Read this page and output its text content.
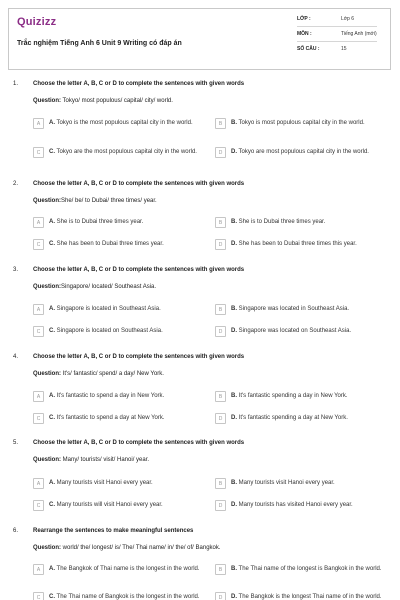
Quizizz
Trắc nghiệm Tiếng Anh 6 Unit 9 Writing có đáp án
LỚP :	Lớp 6
MÔN :	Tiếng Anh (mới)
SỐ CÂU :	15
1. Choose the letter A, B, C or D to complete the sentences with given words
Question: Tokyo/ most populous/ capital/ city/ world.
A	A. Tokyo is the most populous capital city in the world.	B	B. Tokyo is most populous capital city in the world.
C	C. Tokyo are the most populous capital city in the world.	D	D. Tokyo are most populous capital city in the world.
2. Choose the letter A, B, C or D to complete the sentences with given words
Question:She/ be/ to Dubai/ three times/ year.
A	A. She is to Dubai three times year.	B	B. She is to Dubai three times year.
C	C. She has been to Dubai three times year.	D	D. She has been to Dubai three times this year.
3. Choose the letter A, B, C or D to complete the sentences with given words
Question:Singapore/ located/ Southeast Asia.
A	A. Singapore is located in Southeast Asia.	B	B. Singapore was located in Southeast Asia.
C	C. Singapore is located on Southeast Asia.	D	D. Singapore was located on Southeast Asia.
4. Choose the letter A, B, C or D to complete the sentences with given words
Question: It's/ fantastic/ spend/ a day/ New York.
A	A. It's fantastic to spend a day in New York.	B	B. It's fantastic spending a day in New York.
C	C. It's fantastic to spend a day at New York.	D	D. It's fantastic spending a day at New York.
5. Choose the letter A, B, C or D to complete the sentences with given words
Question: Many/ tourists/ visit/ Hanoi/ year.
A	A. Many tourists visit Hanoi every year.	B	B. Many tourists visit Hanoi every year.
C	C. Many tourists will visit Hanoi every year.	D	D. Many tourists has visited Hanoi every year.
6. Rearrange the sentences to make meaningful sentences
Question: world/ the/ longest/ is/ The/ Thai name/ in/ the/ of/ Bangkok.
A	A. The Bangkok of Thai name is the longest in the world.	B	B. The Thai name of the longest is Bangkok in the world.
C	C. The Thai name of Bangkok is the longest in the world.	D	D. The Bangkok is the longest Thai name of in the world.
